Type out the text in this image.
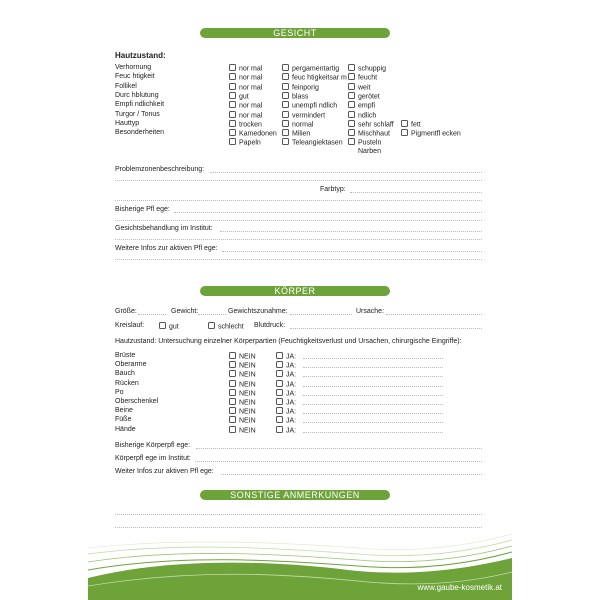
GESICHT
Hautzustand:
Verhornung	nor mal	pergamentartig	schuppig
Feuc htigkeit	nor mal	feuc htigkeitsar m	feucht
Follikel	nor mal	feinporig	weit
Durc hblutung	gut	blass	gerötet
Empfi ndlichkeit	nor mal	unempfi ndlich	empfi
Turgor / Tonus	nor mal	vermindert	ndlich
Hauttyp	trocken	normal	sehr schlaff	fett
Besonderheiten	Kamedonen	Milien	Mischhaut	Pigmentfl ecken
Papeln	Teleangiektasen	Pusteln
Narben
Problemzonenbeschreibung:
Farbtyp:
Bisherige Pfl ege:
Gesichtsbehandlung im Institut:
Weitere Infos zur aktiven Pfl ege:
KÖRPER
Größe:	Gewicht:	Gewichtszunahme:	Ursache:
Kreislauf:	gut	schlecht Blutdruck:
Hautzustand: Untersuchung einzelner Körperpartien (Feuchtigkeitsverlust und Ursachen, chirurgische Eingriffe):
Brüste	NEIN	JA:
Oberarme	NEIN	JA:
Bauch	NEIN	JA:
Rücken	NEIN	JA:
Po	NEIN	JA:
Oberschenkel	NEIN	JA:
Beine	NEIN	JA:
Füße	NEIN	JA:
Hände	NEIN	JA:
Bisherige Körperpfl ege:
Körperpfl ege im Institut:
Weiter Infos zur aktiven Pfl ege:
SONSTIGE ANMERKUNGEN
www.gaube-kosmetik.at
